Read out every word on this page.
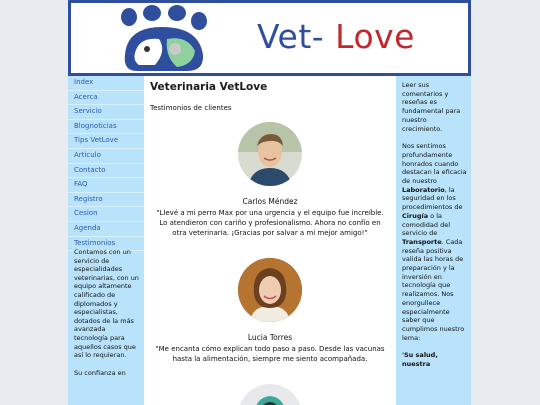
Vet- Love
Index
Acerca
Servicio
Blognoticias
Tips VetLove
Articulo
Contacto
FAQ
Registro
Cesion
Agenda
Testimonios

Contamos con un servicio de especialidades veterinarias, con un equipo altamente calificado de diplomados y especialistas, dotados de la más avanzada tecnología para aquellos casos que así lo requieran.

Su confianza en

Veterinaria VetLove
Testimonios de clientes
Carlos Méndez
"Llevé a mi perro Max por una urgencia y el equipo fue increíble. Lo atendieron con cariño y profesionalismo. Ahora no confío en otra veterinaria. ¡Gracias por salvar a mi mejor amigo!"
Lucia Torres
"Me encanta cómo explican todo paso a paso. Desde las vacunas hasta la alimentación, siempre me siento acompañada.

Leer sus comentarios y reseñas es fundamental para nuestro crecimiento.

Nos sentimos profundamente honrados cuando destacan la eficacia de nuestro Laboratorio, la seguridad en los procedimientos de Cirugía o la comodidad del servicio de Transporte. Cada reseña positiva valida las horas de preparación y la inversión en tecnología que realizamos. Nos enorgullece especialmente saber que cumplimos nuestro lema:

'Su salud, nuestra
